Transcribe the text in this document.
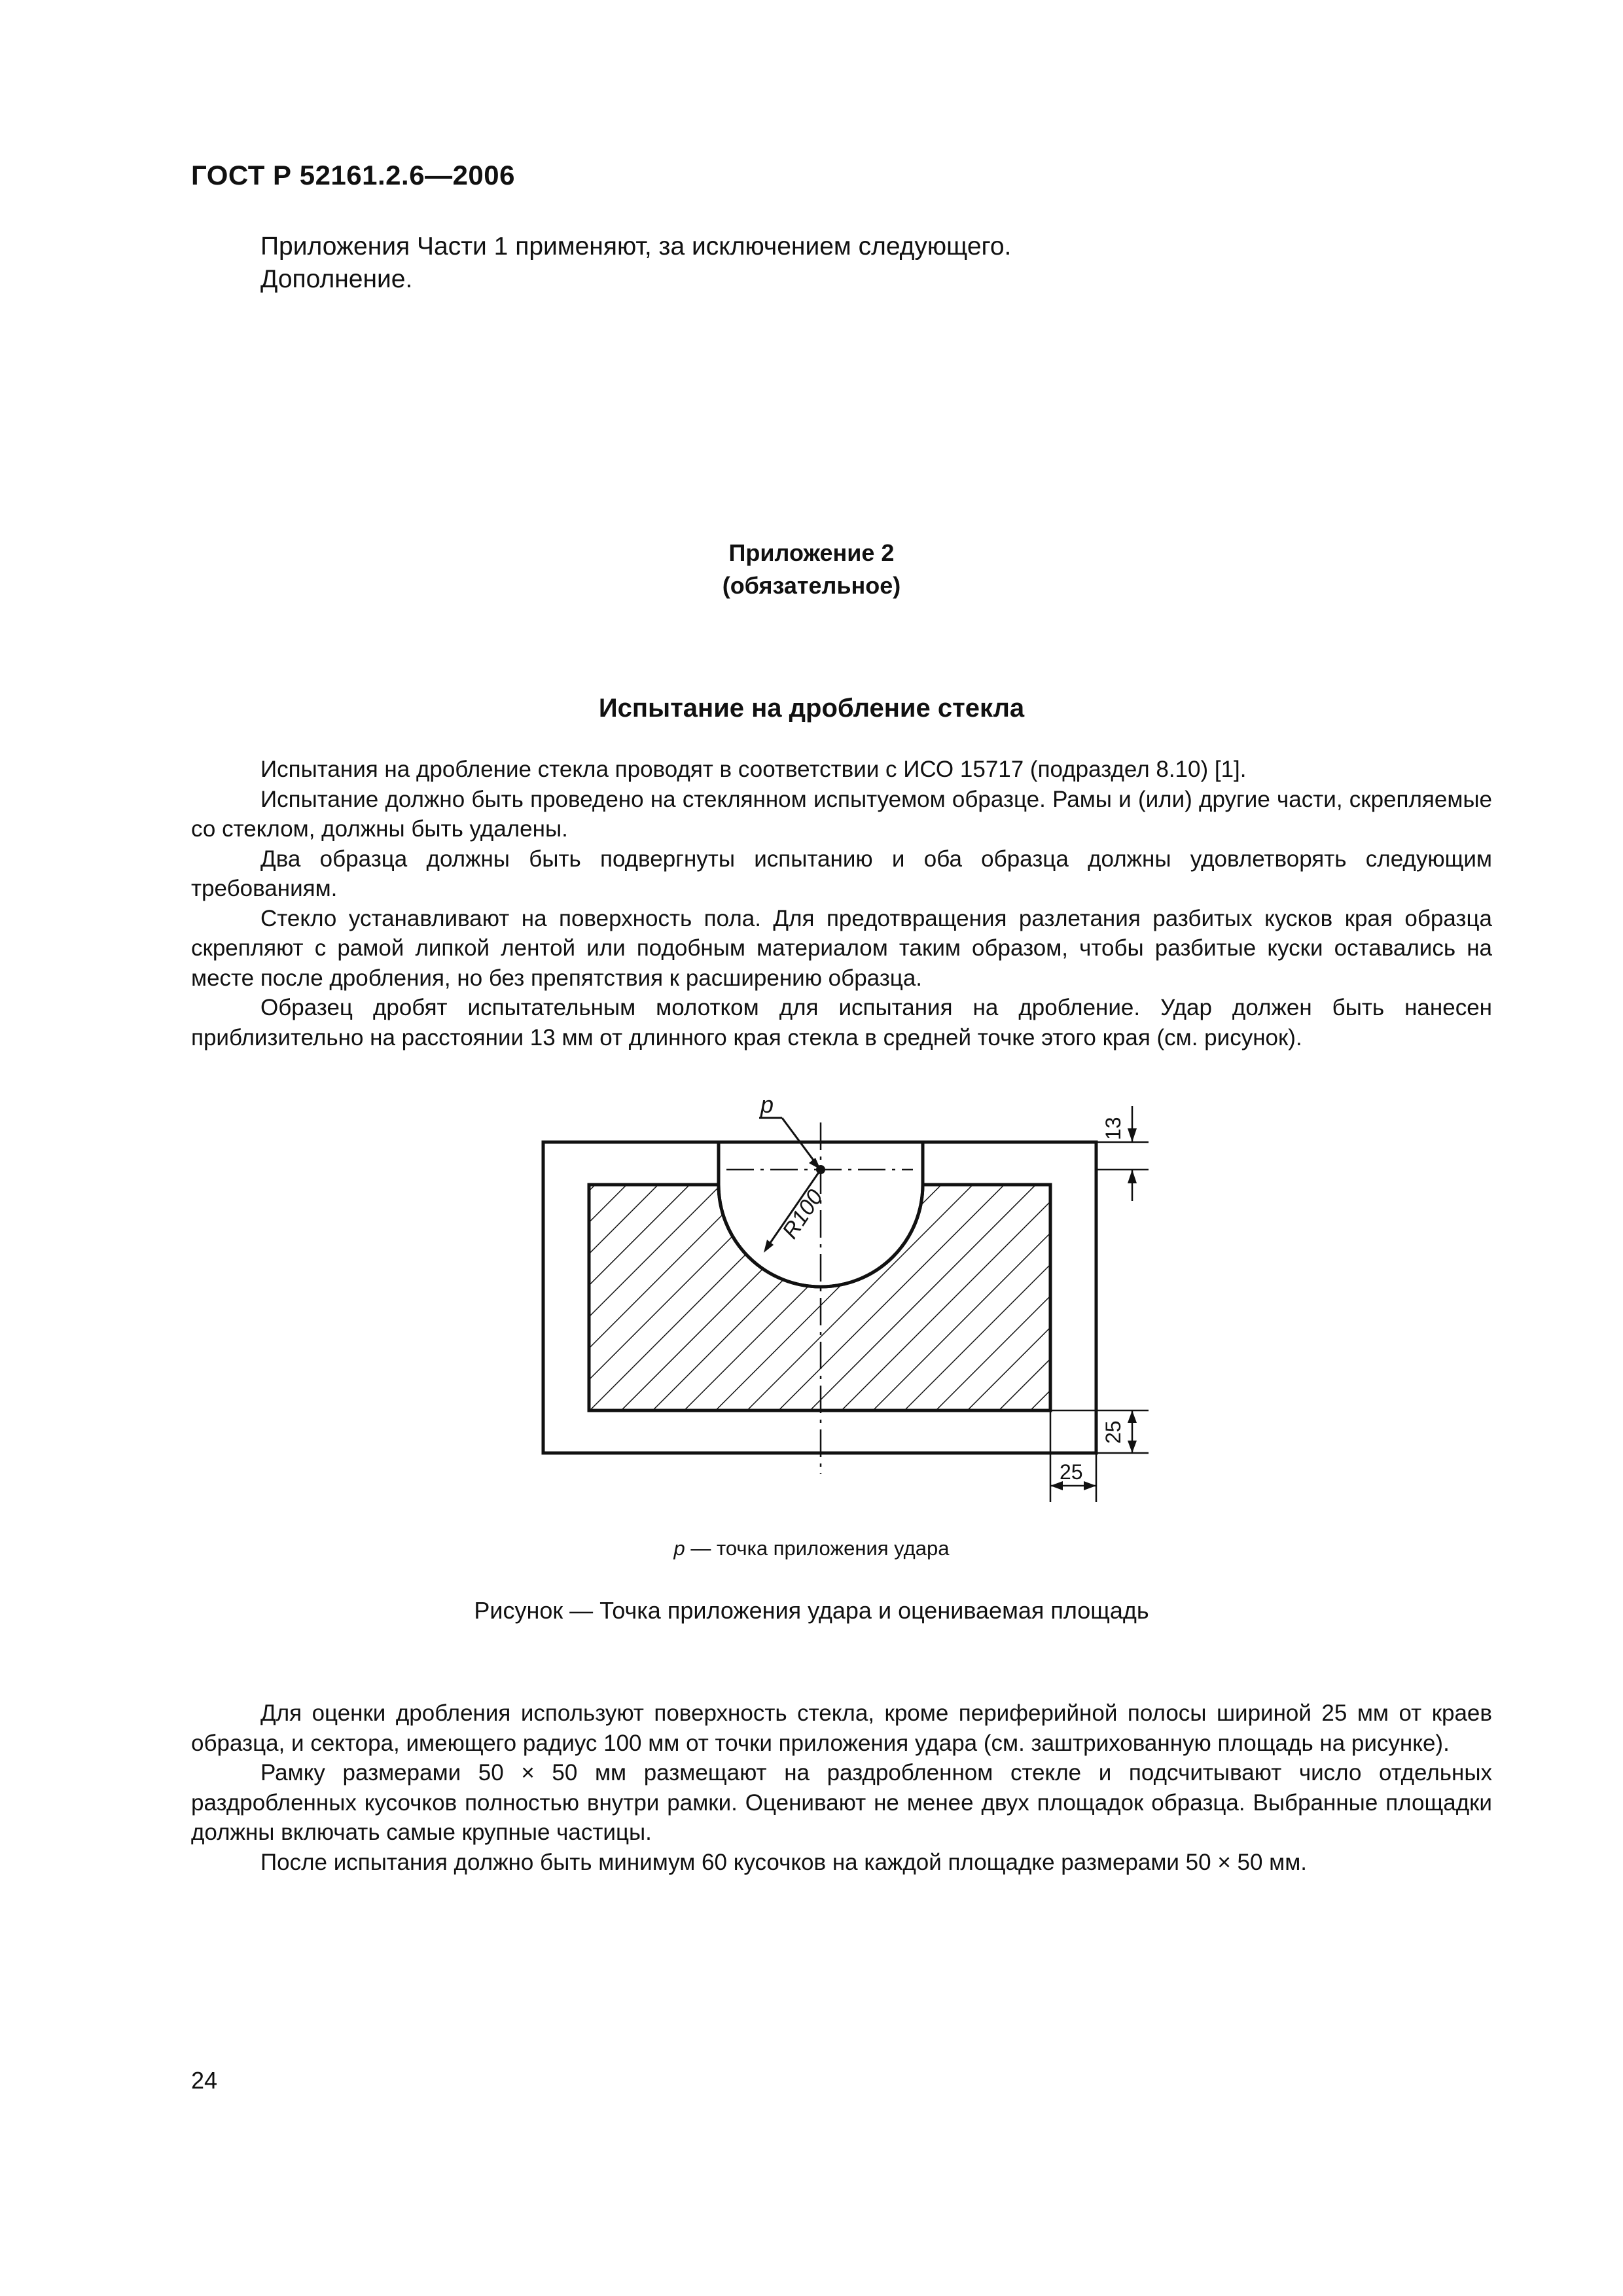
ГОСТ Р 52161.2.6—2006

Приложения Части 1 применяют, за исключением следующего.

Дополнение.

Приложение 2
(обязательное)
Испытание на дробление стекла

Испытания на дробление стекла проводят в соответствии с ИСО 15717 (подраздел 8.10) [1].

Испытание должно быть проведено на стеклянном испытуемом образце. Рамы и (или) другие части, скрепляемые со стеклом, должны быть удалены.

Два образца должны быть подвергнуты испытанию и оба образца должны удовлетворять следующим требованиям.

Стекло устанавливают на поверхность пола. Для предотвращения разлетания разбитых кусков края образца скрепляют с рамой липкой лентой или подобным материалом таким образом, чтобы разбитые куски оставались на месте после дробления, но без препятствия к расширению образца.

Образец дробят испытательным молотком для испытания на дробление. Удар должен быть нанесен приблизительно на расстоянии 13 мм от длинного края стекла в средней точке этого края (см. рисунок).

p
R100
13
25
25
p — точка приложения удара
Рисунок — Точка приложения удара и оцениваемая площадь

Для оценки дробления используют поверхность стекла, кроме периферийной полосы шириной 25 мм от краев образца, и сектора, имеющего радиус 100 мм от точки приложения удара (см. заштрихованную площадь на рисунке).

Рамку размерами 50 × 50 мм размещают на раздробленном стекле и подсчитывают число отдельных раздробленных кусочков полностью внутри рамки. Оценивают не менее двух площадок образца. Выбранные площадки должны включать самые крупные частицы.

После испытания должно быть минимум 60 кусочков на каждой площадке размерами 50 × 50 мм.

24
